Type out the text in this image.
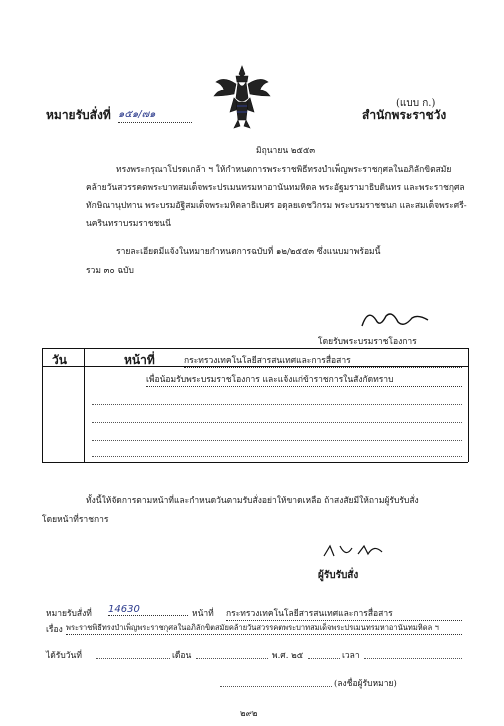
(แบบ ก.)
หมายรับสั่งที่ ๑๕๑/๗๑	สำนักพระราชวัง
มิถุนายน ๒๕๕๓
ทรงพระกรุณาโปรดเกล้า ฯ ให้กำหนดการพระราชพิธีทรงบำเพ็ญพระราชกุศลในอภิลักขิตสมัย
คล้ายวันสวรรคตพระบาทสมเด็จพระปรเมนทรมหาอานันทมหิดล พระอัฐมรามาธิบดินทร และพระราชกุศล
ทักษิณานุปทาน พระบรมอัฐิสมเด็จพระมหิตลาธิเบศร อดุลยเดชวิกรม พระบรมราชชนก และสมเด็จพระศรี-
นครินทราบรมราชชนนี
รายละเอียดมีแจ้งในหมายกำหนดการฉบับที่ ๑๒/๒๕๕๓ ซึ่งแนบมาพร้อมนี้
รวม ๓๐ ฉบับ
โดยรับพระบรมราชโองการ
วัน	หน้าที่	กระทรวงเทคโนโลยีสารสนเทศและการสื่อสาร
เพื่อน้อมรับพระบรมราชโองการ และแจ้งแก่ข้าราชการในสังกัดทราบ
ทั้งนี้ให้จัดการตามหน้าที่และกำหนดวันตามรับสั่งอย่าให้ขาดเหลือ ถ้าสงสัยมีให้ถามผู้รับรับสั่ง
โดยหน้าที่ราชการ
ผู้รับรับสั่ง
หมายรับสั่งที่ 14630	หน้าที่ กระทรวงเทคโนโลยีสารสนเทศและการสื่อสาร
เรื่อง พระราชพิธีทรงบำเพ็ญพระราชกุศลในอภิลักขิตสมัยคล้ายวันสวรรคตพระบาทสมเด็จพระปรเมนทรมหาอานันทมหิดล ฯ
ได้รับวันที่	เดือน	พ.ศ. ๒๕	เวลา
(ลงชื่อผู้รับหมาย)
๒๙๒
